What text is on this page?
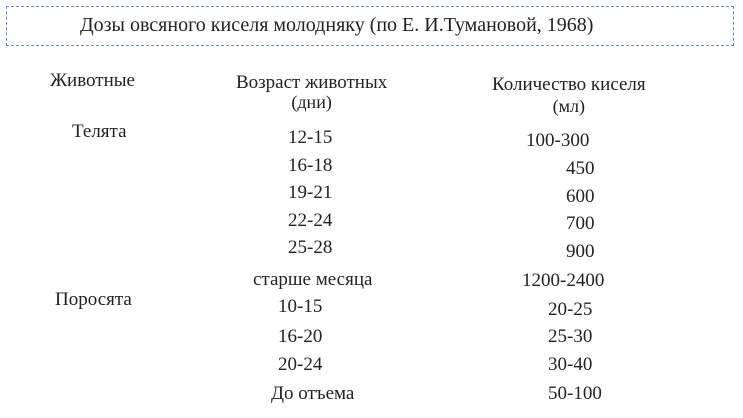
Дозы овсяного киселя молодняку (по Е. И.Тумановой, 1968)
Животные	Возраст животных
(дни)
Количество киселя
(мл)
Телята
Поросята
12-15
16-18
19-21
22-24
25-28
старше месяца
10-15
16-20
20-24
До отъема
100-300
450
600
700
900
1200-2400
20-25
25-30
30-40
50-100
